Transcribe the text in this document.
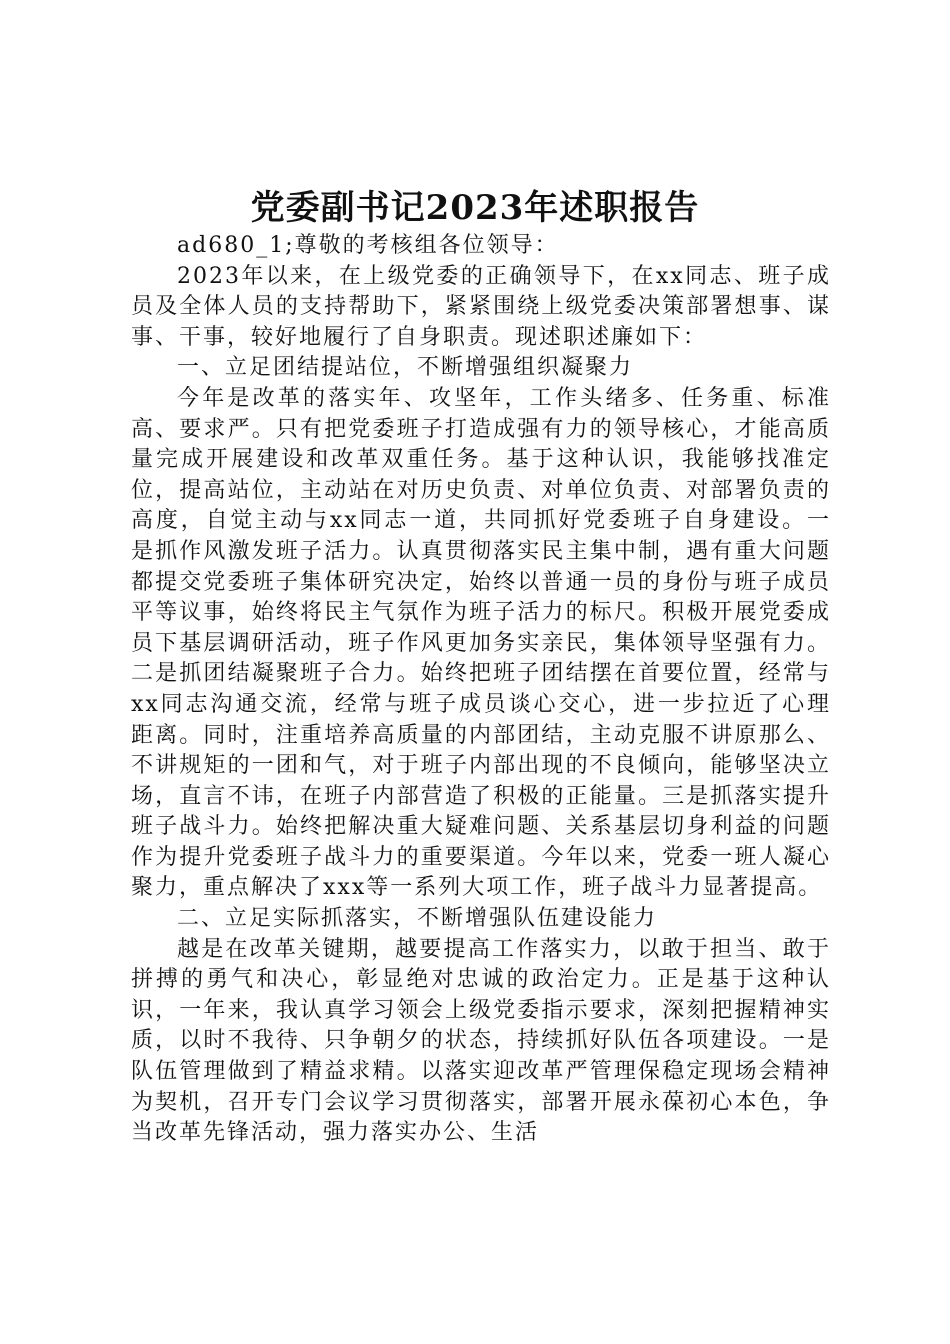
党委副书记2023年述职报告

ad680_1;尊敬的考核组各位领导：

2023年以来，在上级党委的正确领导下，在xx同志、班子成员及全体人员的支持帮助下，紧紧围绕上级党委决策部署想事、谋事、干事，较好地履行了自身职责。现述职述廉如下：

一、立足团结提站位，不断增强组织凝聚力

今年是改革的落实年、攻坚年，工作头绪多、任务重、标准高、要求严。只有把党委班子打造成强有力的领导核心，才能高质量完成开展建设和改革双重任务。基于这种认识，我能够找准定位，提高站位，主动站在对历史负责、对单位负责、对部署负责的高度，自觉主动与xx同志一道，共同抓好党委班子自身建设。一是抓作风激发班子活力。认真贯彻落实民主集中制，遇有重大问题都提交党委班子集体研究决定，始终以普通一员的身份与班子成员平等议事，始终将民主气氛作为班子活力的标尺。积极开展党委成员下基层调研活动，班子作风更加务实亲民，集体领导坚强有力。二是抓团结凝聚班子合力。始终把班子团结摆在首要位置，经常与xx同志沟通交流，经常与班子成员谈心交心，进一步拉近了心理距离。同时，注重培养高质量的内部团结，主动克服不讲原那么、不讲规矩的一团和气，对于班子内部出现的不良倾向，能够坚决立场，直言不讳，在班子内部营造了积极的正能量。三是抓落实提升班子战斗力。始终把解决重大疑难问题、关系基层切身利益的问题作为提升党委班子战斗力的重要渠道。今年以来，党委一班人凝心聚力，重点解决了xxx等一系列大项工作，班子战斗力显著提高。

二、立足实际抓落实，不断增强队伍建设能力

越是在改革关键期，越要提高工作落实力，以敢于担当、敢于拼搏的勇气和决心，彰显绝对忠诚的政治定力。正是基于这种认识，一年来，我认真学习领会上级党委指示要求，深刻把握精神实质，以时不我待、只争朝夕的状态，持续抓好队伍各项建设。一是队伍管理做到了精益求精。以落实迎改革严管理保稳定现场会精神为契机，召开专门会议学习贯彻落实，部署开展永葆初心本色，争当改革先锋活动，强力落实办公、生活
